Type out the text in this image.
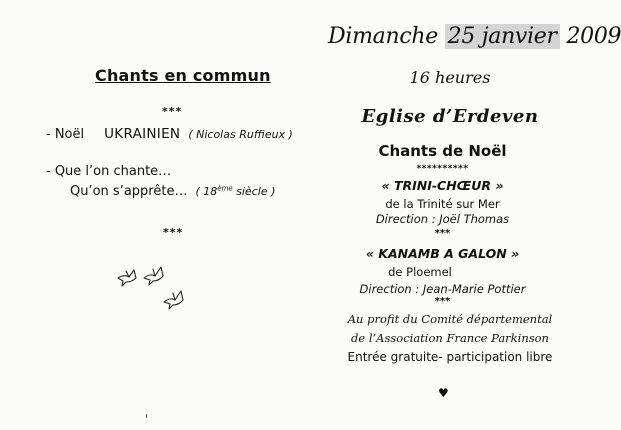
Chants en commun
***
- Noël UKRAINIEN ( Nicolas Ruffieux )
- Que l’on chante…
Qu’on s’apprête… ( 18ème siècle )
***
Dimanche 25 janvier 2009
16 heures
Eglise d’Erdeven
Chants de Noël
**********
« TRINI-CHŒUR »
de la Trinité sur Mer
Direction : Joël Thomas
***
« KANAMB A GALON »
de Ploemel
Direction : Jean-Marie Pottier
***
Au profit du Comité départemental
de l’Association France Parkinson
Entrée gratuite- participation libre
♥
